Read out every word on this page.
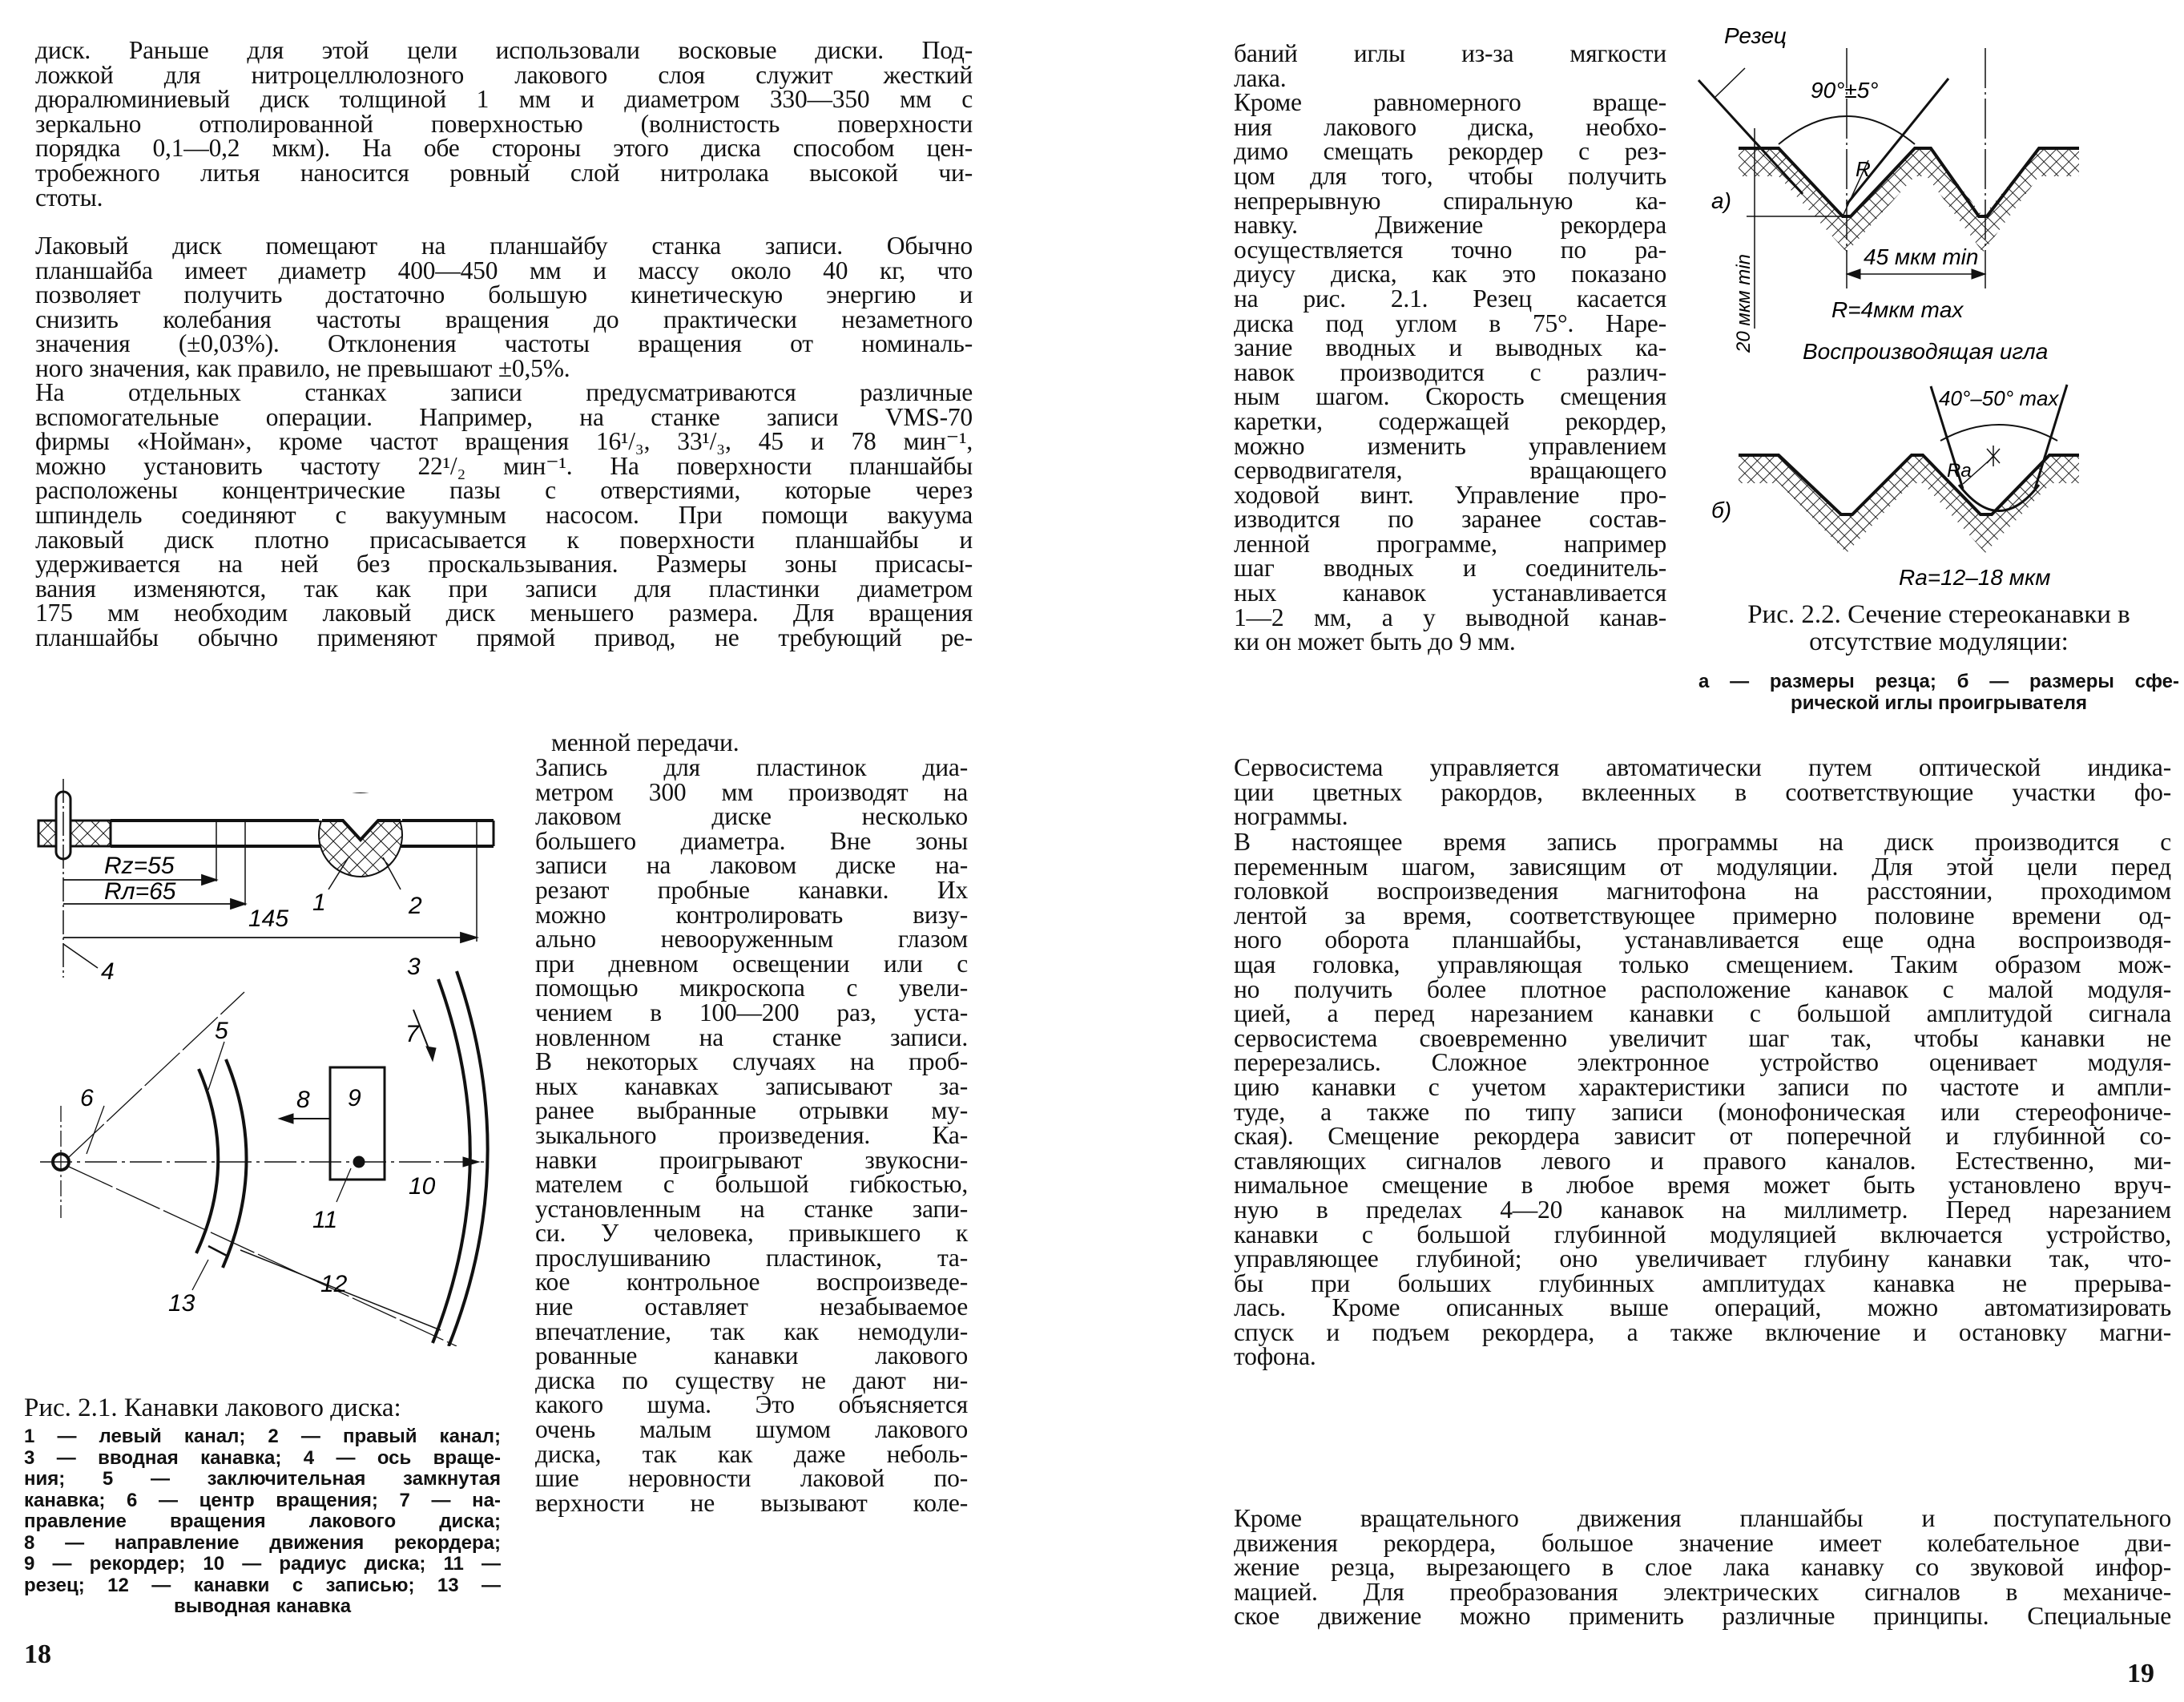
диск. Раньше для этой цели использовали восковые диски. Под-
ложкой для нитроцеллюлозного лакового слоя служит жесткий
дюралюминиевый диск толщиной 1 мм и диаметром 330—350 мм с
зеркально отполированной поверхностью (волнистость поверхности
порядка 0,1—0,2 мкм). На обе стороны этого диска способом цен-
тробежного литья наносится ровный слой нитролака высокой чи-
стоты.
Лаковый диск помещают на планшайбу станка записи. Обычно
планшайба имеет диаметр 400—450 мм и массу около 40 кг, что
позволяет получить достаточно большую кинетическую энергию и
снизить колебания частоты вращения до практически незаметного
значения (±0,03%). Отклонения частоты вращения от номиналь-
ного значения, как правило, не превышают ±0,5%.
На отдельных станках записи предусматриваются различные
вспомогательные операции. Например, на станке записи VMS-70
фирмы «Нойман», кроме частот вращения 16¹/₃, 33¹/₃, 45 и 78 мин⁻¹,
можно установить частоту 22¹/₂ мин⁻¹. На поверхности планшайбы
расположены концентрические пазы с отверстиями, которые через
шпиндель соединяют с вакуумным насосом. При помощи вакуума
лаковый диск плотно присасывается к поверхности планшайбы и
удерживается на ней без проскальзывания. Размеры зоны присасы-
вания изменяются, так как при записи для пластинки диаметром
175 мм необходим лаковый диск меньшего размера. Для вращения
планшайбы обычно применяют прямой привод, не требующий ре-
менной передачи.
Запись для пластинок диа-
метром 300 мм производят на
лаковом диске несколько
большего диаметра. Вне зоны
записи на лаковом диске на-
резают пробные канавки. Их
можно контролировать визу-
ально невооруженным глазом
при дневном освещении или с
помощью микроскопа с увели-
чением в 100—200 раз, уста-
новленном на станке записи.
В некоторых случаях на проб-
ных канавках записывают за-
ранее выбранные отрывки му-
зыкального произведения. Ка-
навки проигрывают звукосни-
мателем с большой гибкостью,
установленным на станке запи-
си. У человека, привыкшего к
прослушиванию пластинок, та-
кое контрольное воспроизведе-
ние оставляет незабываемое
впечатление, так как немодули-
рованные канавки лакового
диска по существу не дают ни-
какого шума. Это объясняется
очень малым шумом лакового
диска, так как даже неболь-
шие неровности лаковой по-
верхности не вызывают коле-
Rz=55
Rл=65
145
1	2
4	3
5
6
7
8 9
10
11
12
13
Рис. 2.1. Канавки лакового диска:
1 — левый канал; 2 — правый канал;
3 — вводная канавка; 4 — ось враще-
ния; 5 — заключительная замкнутая
канавка; 6 — центр вращения; 7 — на-
правление вращения лакового диска;
8 — направление движения рекордера;
9 — рекордер; 10 — радиус диска; 11 —
резец; 12 — канавки с записью; 13 —
выводная канавка
18
баний иглы из-за мягкости
лака.
Кроме равномерного враще-
ния лакового диска, необхо-
димо смещать рекордер с рез-
цом для того, чтобы получить
непрерывную спиральную ка-
навку. Движение рекордера
осуществляется точно по ра-
диусу диска, как это показано
на рис. 2.1. Резец касается
диска под углом в 75°. Наре-
зание вводных и выводных ка-
навок производится с различ-
ным шагом. Скорость смещения
каретки, содержащей рекордер,
можно изменить управлением
серводвигателя, вращающего
ходовой винт. Управление про-
изводится по заранее состав-
ленной программе, например
шаг вводных и соединитель-
ных канавок устанавливается
1—2 мм, а у выводной канав-
ки он может быть до 9 мм.
Резец
90°±5°
R
а)
20 мкм min	45 мкм min
R=4мкм max
Воспроизводящая игла
40°–50° max
Ra
б)
Ra=12–18 мкм
Рис. 2.2. Сечение стереоканавки в
отсутствие модуляции:
а — размеры резца; б — размеры сфе-
рической иглы проигрывателя
Сервосистема управляется автоматически путем оптической индика-
ции цветных ракордов, вклеенных в соответствующие участки фо-
нограммы.
В настоящее время запись программы на диск производится с
переменным шагом, зависящим от модуляции. Для этой цели перед
головкой воспроизведения магнитофона на расстоянии, проходимом
лентой за время, соответствующее примерно половине времени од-
ного оборота планшайбы, устанавливается еще одна воспроизводя-
щая головка, управляющая только смещением. Таким образом мож-
но получить более плотное расположение канавок с малой модуля-
цией, а перед нарезанием канавки с большой амплитудой сигнала
сервосистема своевременно увеличит шаг так, чтобы канавки не
перерезались. Сложное электронное устройство оценивает модуля-
цию канавки с учетом характеристики записи по частоте и ампли-
туде, а также по типу записи (монофоническая или стереофониче-
ская). Смещение рекордера зависит от поперечной и глубинной со-
ставляющих сигналов левого и правого каналов. Естественно, ми-
нимальное смещение в любое время может быть установлено вруч-
ную в пределах 4—20 канавок на миллиметр. Перед нарезанием
канавки с большой глубинной модуляцией включается устройство,
управляющее глубиной; оно увеличивает глубину канавки так, что-
бы при больших глубинных амплитудах канавка не прерыва-
лась. Кроме описанных выше операций, можно автоматизировать
спуск и подъем рекордера, а также включение и остановку магни-
тофона.
Кроме вращательного движения планшайбы и поступательного
движения рекордера, большое значение имеет колебательное дви-
жение резца, вырезающего в слое лака канавку со звуковой инфор-
мацией. Для преобразования электрических сигналов в механиче-
ское движение можно применить различные принципы. Специальные
19
